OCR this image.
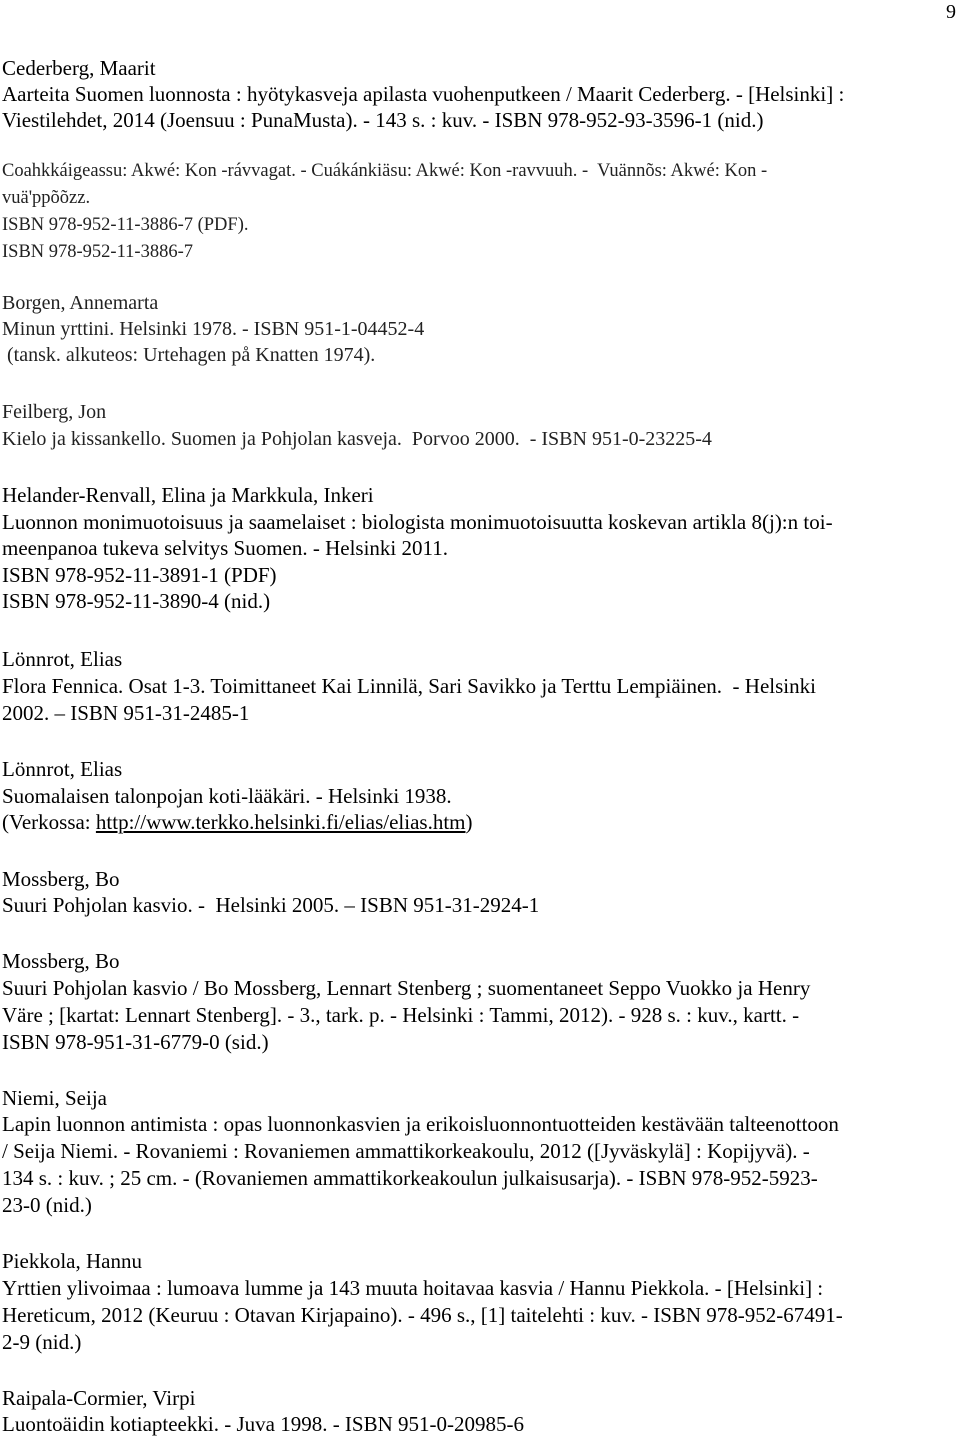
9
Cederberg, Maarit
Aarteita Suomen luonnosta : hyötykasveja apilasta vuohenputkeen / Maarit Cederberg. - [Helsinki] :
Viestilehdet, 2014 (Joensuu : PunaMusta). - 143 s. : kuv. - ISBN 978-952-93-3596-1 (nid.)
Coahkkáigeassu: Akwé: Kon -rávvagat. - Cuákánkiäsu: Akwé: Kon -ravvuuh. -  Vuännõs: Akwé: Kon -
vuä'ppõõzz.
ISBN 978-952-11-3886-7 (PDF).
ISBN 978-952-11-3886-7
Borgen, Annemarta
Minun yrttini. Helsinki 1978. - ISBN 951-1-04452-4
(tansk. alkuteos: Urtehagen på Knatten 1974).
Feilberg, Jon
Kielo ja kissankello. Suomen ja Pohjolan kasveja.  Porvoo 2000.  - ISBN 951-0-23225-4
Helander-Renvall, Elina ja Markkula, Inkeri
Luonnon monimuotoisuus ja saamelaiset : biologista monimuotoisuutta koskevan artikla 8(j):n toi-
meenpanoa tukeva selvitys Suomen. - Helsinki 2011.
ISBN 978-952-11-3891-1 (PDF)
ISBN 978-952-11-3890-4 (nid.)
Lönnrot, Elias
Flora Fennica. Osat 1-3. Toimittaneet Kai Linnilä, Sari Savikko ja Terttu Lempiäinen.  - Helsinki
2002. – ISBN 951-31-2485-1
Lönnrot, Elias
Suomalaisen talonpojan koti-lääkäri. - Helsinki 1938.
(Verkossa: http://www.terkko.helsinki.fi/elias/elias.htm)
Mossberg, Bo
Suuri Pohjolan kasvio. -  Helsinki 2005. – ISBN 951-31-2924-1
Mossberg, Bo
Suuri Pohjolan kasvio / Bo Mossberg, Lennart Stenberg ; suomentaneet Seppo Vuokko ja Henry
Väre ; [kartat: Lennart Stenberg]. - 3., tark. p. - Helsinki : Tammi, 2012). - 928 s. : kuv., kartt. -
ISBN 978-951-31-6779-0 (sid.)
Niemi, Seija
Lapin luonnon antimista : opas luonnonkasvien ja erikoisluonnontuotteiden kestävään talteenottoon
/ Seija Niemi. - Rovaniemi : Rovaniemen ammattikorkeakoulu, 2012 ([Jyväskylä] : Kopijyvä). -
134 s. : kuv. ; 25 cm. - (Rovaniemen ammattikorkeakoulun julkaisusarja). - ISBN 978-952-5923-
23-0 (nid.)
Piekkola, Hannu
Yrttien ylivoimaa : lumoava lumme ja 143 muuta hoitavaa kasvia / Hannu Piekkola. - [Helsinki] :
Hereticum, 2012 (Keuruu : Otavan Kirjapaino). - 496 s., [1] taitelehti : kuv. - ISBN 978-952-67491-
2-9 (nid.)
Raipala-Cormier, Virpi
Luontoäidin kotiapteekki. - Juva 1998. - ISBN 951-0-20985-6
